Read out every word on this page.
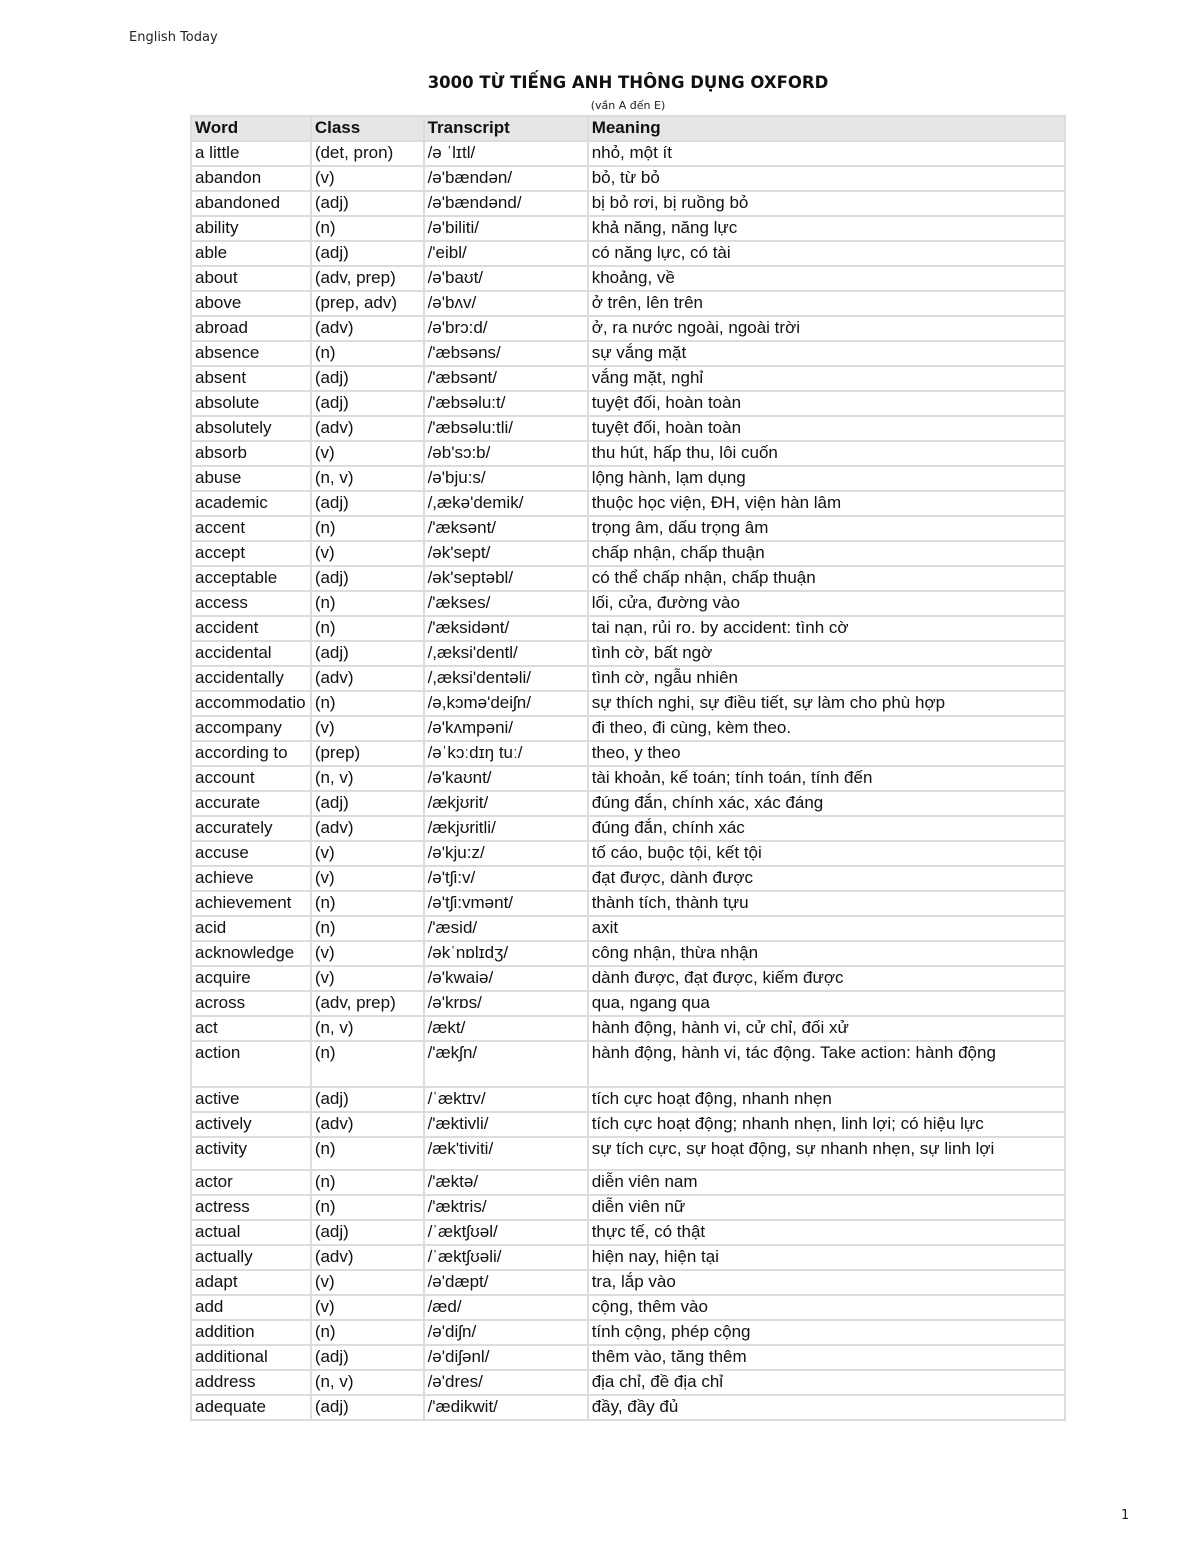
English Today
3000 TỪ TIẾNG ANH THÔNG DỤNG OXFORD
(vần A đến E)
Word	Class	Transcript	Meaning
a little	(det, pron)	/ə ˈlɪtl/	nhỏ, một ít
abandon	(v)	/ə'bændən/	bỏ, từ bỏ
abandoned	(adj)	/ə'bændənd/	bị bỏ rơi, bị ruồng bỏ
ability	(n)	/ə'biliti/	khả năng, năng lực
able	(adj)	/'eibl/	có năng lực, có tài
about	(adv, prep)	/ə'baʊt/	khoảng, về
above	(prep, adv)	/ə'bʌv/	ở trên, lên trên
abroad	(adv)	/ə'brɔ:d/	ở, ra nước ngoài, ngoài trời
absence	(n)	/'æbsəns/	sự vắng mặt
absent	(adj)	/'æbsənt/	vắng mặt, nghỉ
absolute	(adj)	/'æbsəlu:t/	tuyệt đối, hoàn toàn
absolutely	(adv)	/'æbsəlu:tli/	tuyệt đối, hoàn toàn
absorb	(v)	/əb'sɔ:b/	thu hút, hấp thu, lôi cuốn
abuse	(n, v)	/ə'bju:s/	lộng hành, lạm dụng
academic	(adj)	/,ækə'demik/	thuộc học viện, ĐH, viện hàn lâm
accent	(n)	/'æksənt/	trọng âm, dấu trọng âm
accept	(v)	/ək'sept/	chấp nhận, chấp thuận
acceptable	(adj)	/ək'septəbl/	có thể chấp nhận, chấp thuận
access	(n)	/'ækses/	lối, cửa, đường vào
accident	(n)	/'æksidənt/	tai nạn, rủi ro. by accident: tình cờ
accidental	(adj)	/,æksi'dentl/	tình cờ, bất ngờ
accidentally	(adv)	/,æksi'dentəli/	tình cờ, ngẫu nhiên
accommodatio	(n)	/ə,kɔmə'deiʃn/	sự thích nghi, sự điều tiết, sự làm cho phù hợp
accompany	(v)	/ə'kʌmpəni/	đi theo, đi cùng, kèm theo.
according to	(prep)	/əˈkɔːdɪŋ tuː/	theo, y theo
account	(n, v)	/ə'kaʊnt/	tài khoản, kế toán; tính toán, tính đến
accurate	(adj)	/ækjʊrit/	đúng đắn, chính xác, xác đáng
accurately	(adv)	/ækjʊritli/	đúng đắn, chính xác
accuse	(v)	/ə'kju:z/	tố cáo, buộc tội, kết tội
achieve	(v)	/ə'tʃi:v/	đạt được, dành được
achievement	(n)	/ə'tʃi:vmənt/	thành tích, thành tựu
acid	(n)	/'æsid/	axit
acknowledge	(v)	/əkˈnɒlɪdʒ/	công nhận, thừa nhận
acquire	(v)	/ə'kwaiə/	dành được, đạt được, kiếm được
across	(adv, prep)	/ə'krɒs/	qua, ngang qua
act	(n, v)	/ækt/	hành động, hành vi, cử chỉ, đối xử
action	(n)	/'ækʃn/	hành động, hành vi, tác động. Take action: hành động
active	(adj)	/ˈæktɪv/	tích cực hoạt động, nhanh nhẹn
actively	(adv)	/'æktivli/	tích cực hoạt động; nhanh nhẹn, linh lợi; có hiệu lực
activity	(n)	/æk'tiviti/	sự tích cực, sự hoạt động, sự nhanh nhẹn, sự linh lợi
actor	(n)	/'æktə/	diễn viên nam
actress	(n)	/'æktris/	diễn viên nữ
actual	(adj)	/ˈæktʃʊəl/	thực tế, có thật
actually	(adv)	/ˈæktʃʊəli/	hiện nay, hiện tại
adapt	(v)	/ə'dæpt/	tra, lắp vào
add	(v)	/æd/	cộng, thêm vào
addition	(n)	/ə'diʃn/	tính cộng, phép cộng
additional	(adj)	/ə'diʃənl/	thêm vào, tăng thêm
address	(n, v)	/ə'dres/	địa chỉ, đề địa chỉ
adequate	(adj)	/'ædikwit/	đầy, đầy đủ
1
